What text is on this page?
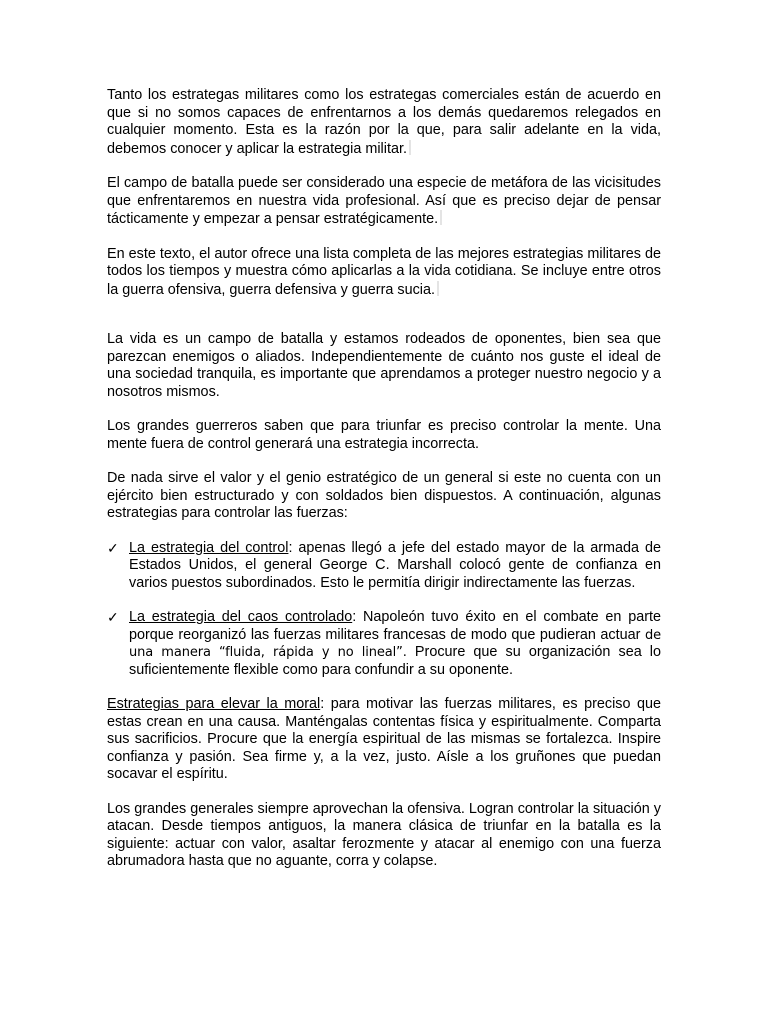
Tanto los estrategas militares como los estrategas comerciales están de acuerdo en que si no somos capaces de enfrentarnos a los demás quedaremos relegados en cualquier momento. Esta es la razón por la que, para salir adelante en la vida, debemos conocer y aplicar la estrategia militar.

El campo de batalla puede ser considerado una especie de metáfora de las vicisitudes que enfrentaremos en nuestra vida profesional. Así que es preciso dejar de pensar tácticamente y empezar a pensar estratégicamente.

En este texto, el autor ofrece una lista completa de las mejores estrategias militares de todos los tiempos y muestra cómo aplicarlas a la vida cotidiana. Se incluye entre otros la guerra ofensiva, guerra defensiva y guerra sucia.

La vida es un campo de batalla y estamos rodeados de oponentes, bien sea que parezcan enemigos o aliados. Independientemente de cuánto nos guste el ideal de una sociedad tranquila, es importante que aprendamos a proteger nuestro negocio y a nosotros mismos.

Los grandes guerreros saben que para triunfar es preciso controlar la mente. Una mente fuera de control generará una estrategia incorrecta.

De nada sirve el valor y el genio estratégico de un general si este no cuenta con un ejército bien estructurado y con soldados bien dispuestos. A continuación, algunas estrategias para controlar las fuerzas:

✓ La estrategia del control: apenas llegó a jefe del estado mayor de la armada de Estados Unidos, el general George C. Marshall colocó gente de confianza en varios puestos subordinados. Esto le permitía dirigir indirectamente las fuerzas.
✓ La estrategia del caos controlado: Napoleón tuvo éxito en el combate en parte porque reorganizó las fuerzas militares francesas de modo que pudieran actuar de una manera “fluida, rápida y no lineal”. Procure que su organización sea lo suficientemente flexible como para confundir a su oponente.

Estrategias para elevar la moral: para motivar las fuerzas militares, es preciso que estas crean en una causa. Manténgalas contentas física y espiritualmente. Comparta sus sacrificios. Procure que la energía espiritual de las mismas se fortalezca. Inspire confianza y pasión. Sea firme y, a la vez, justo. Aísle a los gruñones que puedan socavar el espíritu.

Los grandes generales siempre aprovechan la ofensiva. Logran controlar la situación y atacan. Desde tiempos antiguos, la manera clásica de triunfar en la batalla es la siguiente: actuar con valor, asaltar ferozmente y atacar al enemigo con una fuerza abrumadora hasta que no aguante, corra y colapse.
